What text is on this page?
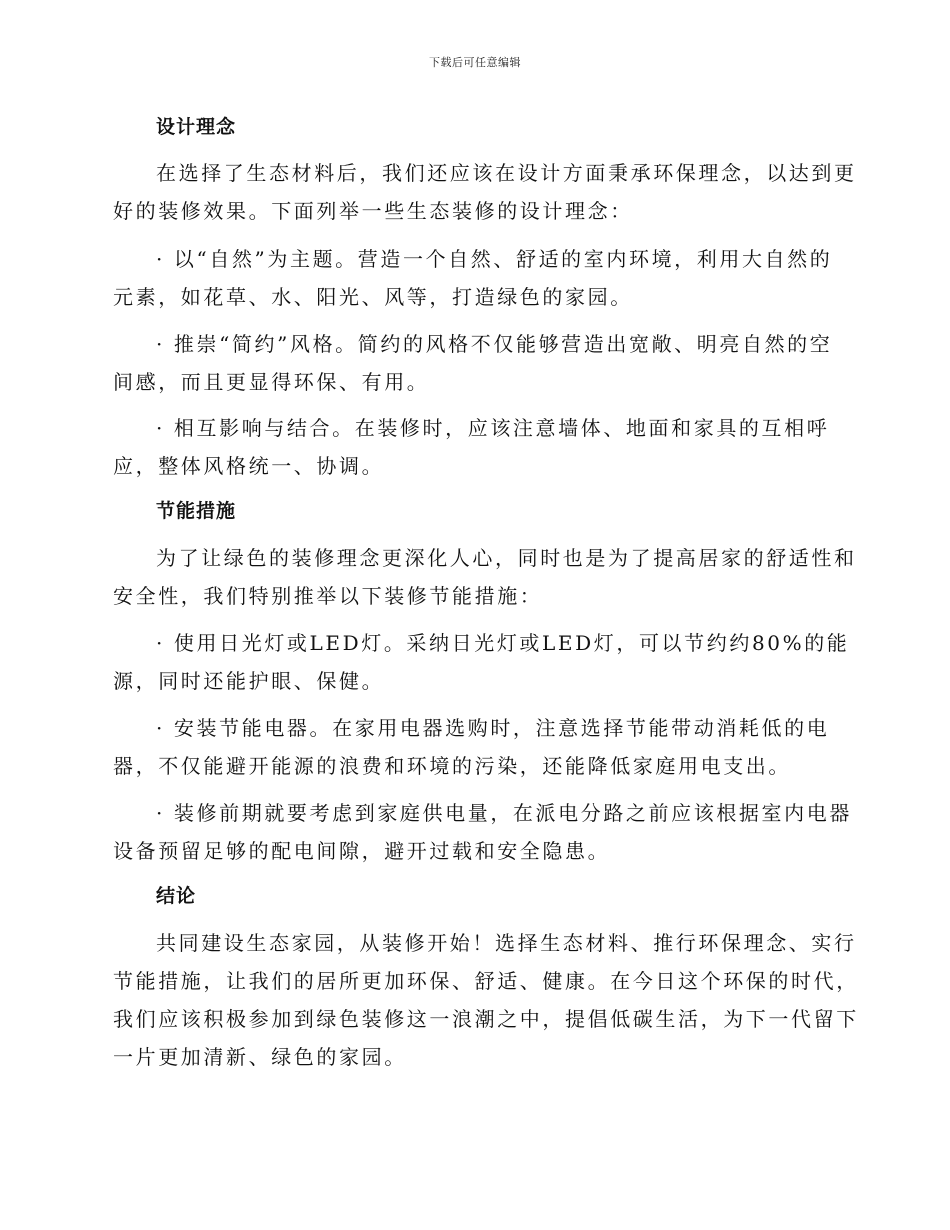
下载后可任意编辑
设计理念
在选择了生态材料后，我们还应该在设计方面秉承环保理念，以达到更
好的装修效果。下面列举一些生态装修的设计理念：
· 以“自然”为主题。营造一个自然、舒适的室内环境，利用大自然的
元素，如花草、水、阳光、风等，打造绿色的家园。
· 推崇“简约”风格。简约的风格不仅能够营造出宽敞、明亮自然的空
间感，而且更显得环保、有用。
· 相互影响与结合。在装修时，应该注意墙体、地面和家具的互相呼
应，整体风格统一、协调。
节能措施
为了让绿色的装修理念更深化人心，同时也是为了提高居家的舒适性和
安全性，我们特别推举以下装修节能措施：
· 使用日光灯或LED灯。采纳日光灯或LED灯，可以节约约80%的能
源，同时还能护眼、保健。
· 安装节能电器。在家用电器选购时，注意选择节能带动消耗低的电
器，不仅能避开能源的浪费和环境的污染，还能降低家庭用电支出。
· 装修前期就要考虑到家庭供电量，在派电分路之前应该根据室内电器
设备预留足够的配电间隙，避开过载和安全隐患。
结论
共同建设生态家园，从装修开始！选择生态材料、推行环保理念、实行
节能措施，让我们的居所更加环保、舒适、健康。在今日这个环保的时代，
我们应该积极参加到绿色装修这一浪潮之中，提倡低碳生活，为下一代留下
一片更加清新、绿色的家园。
